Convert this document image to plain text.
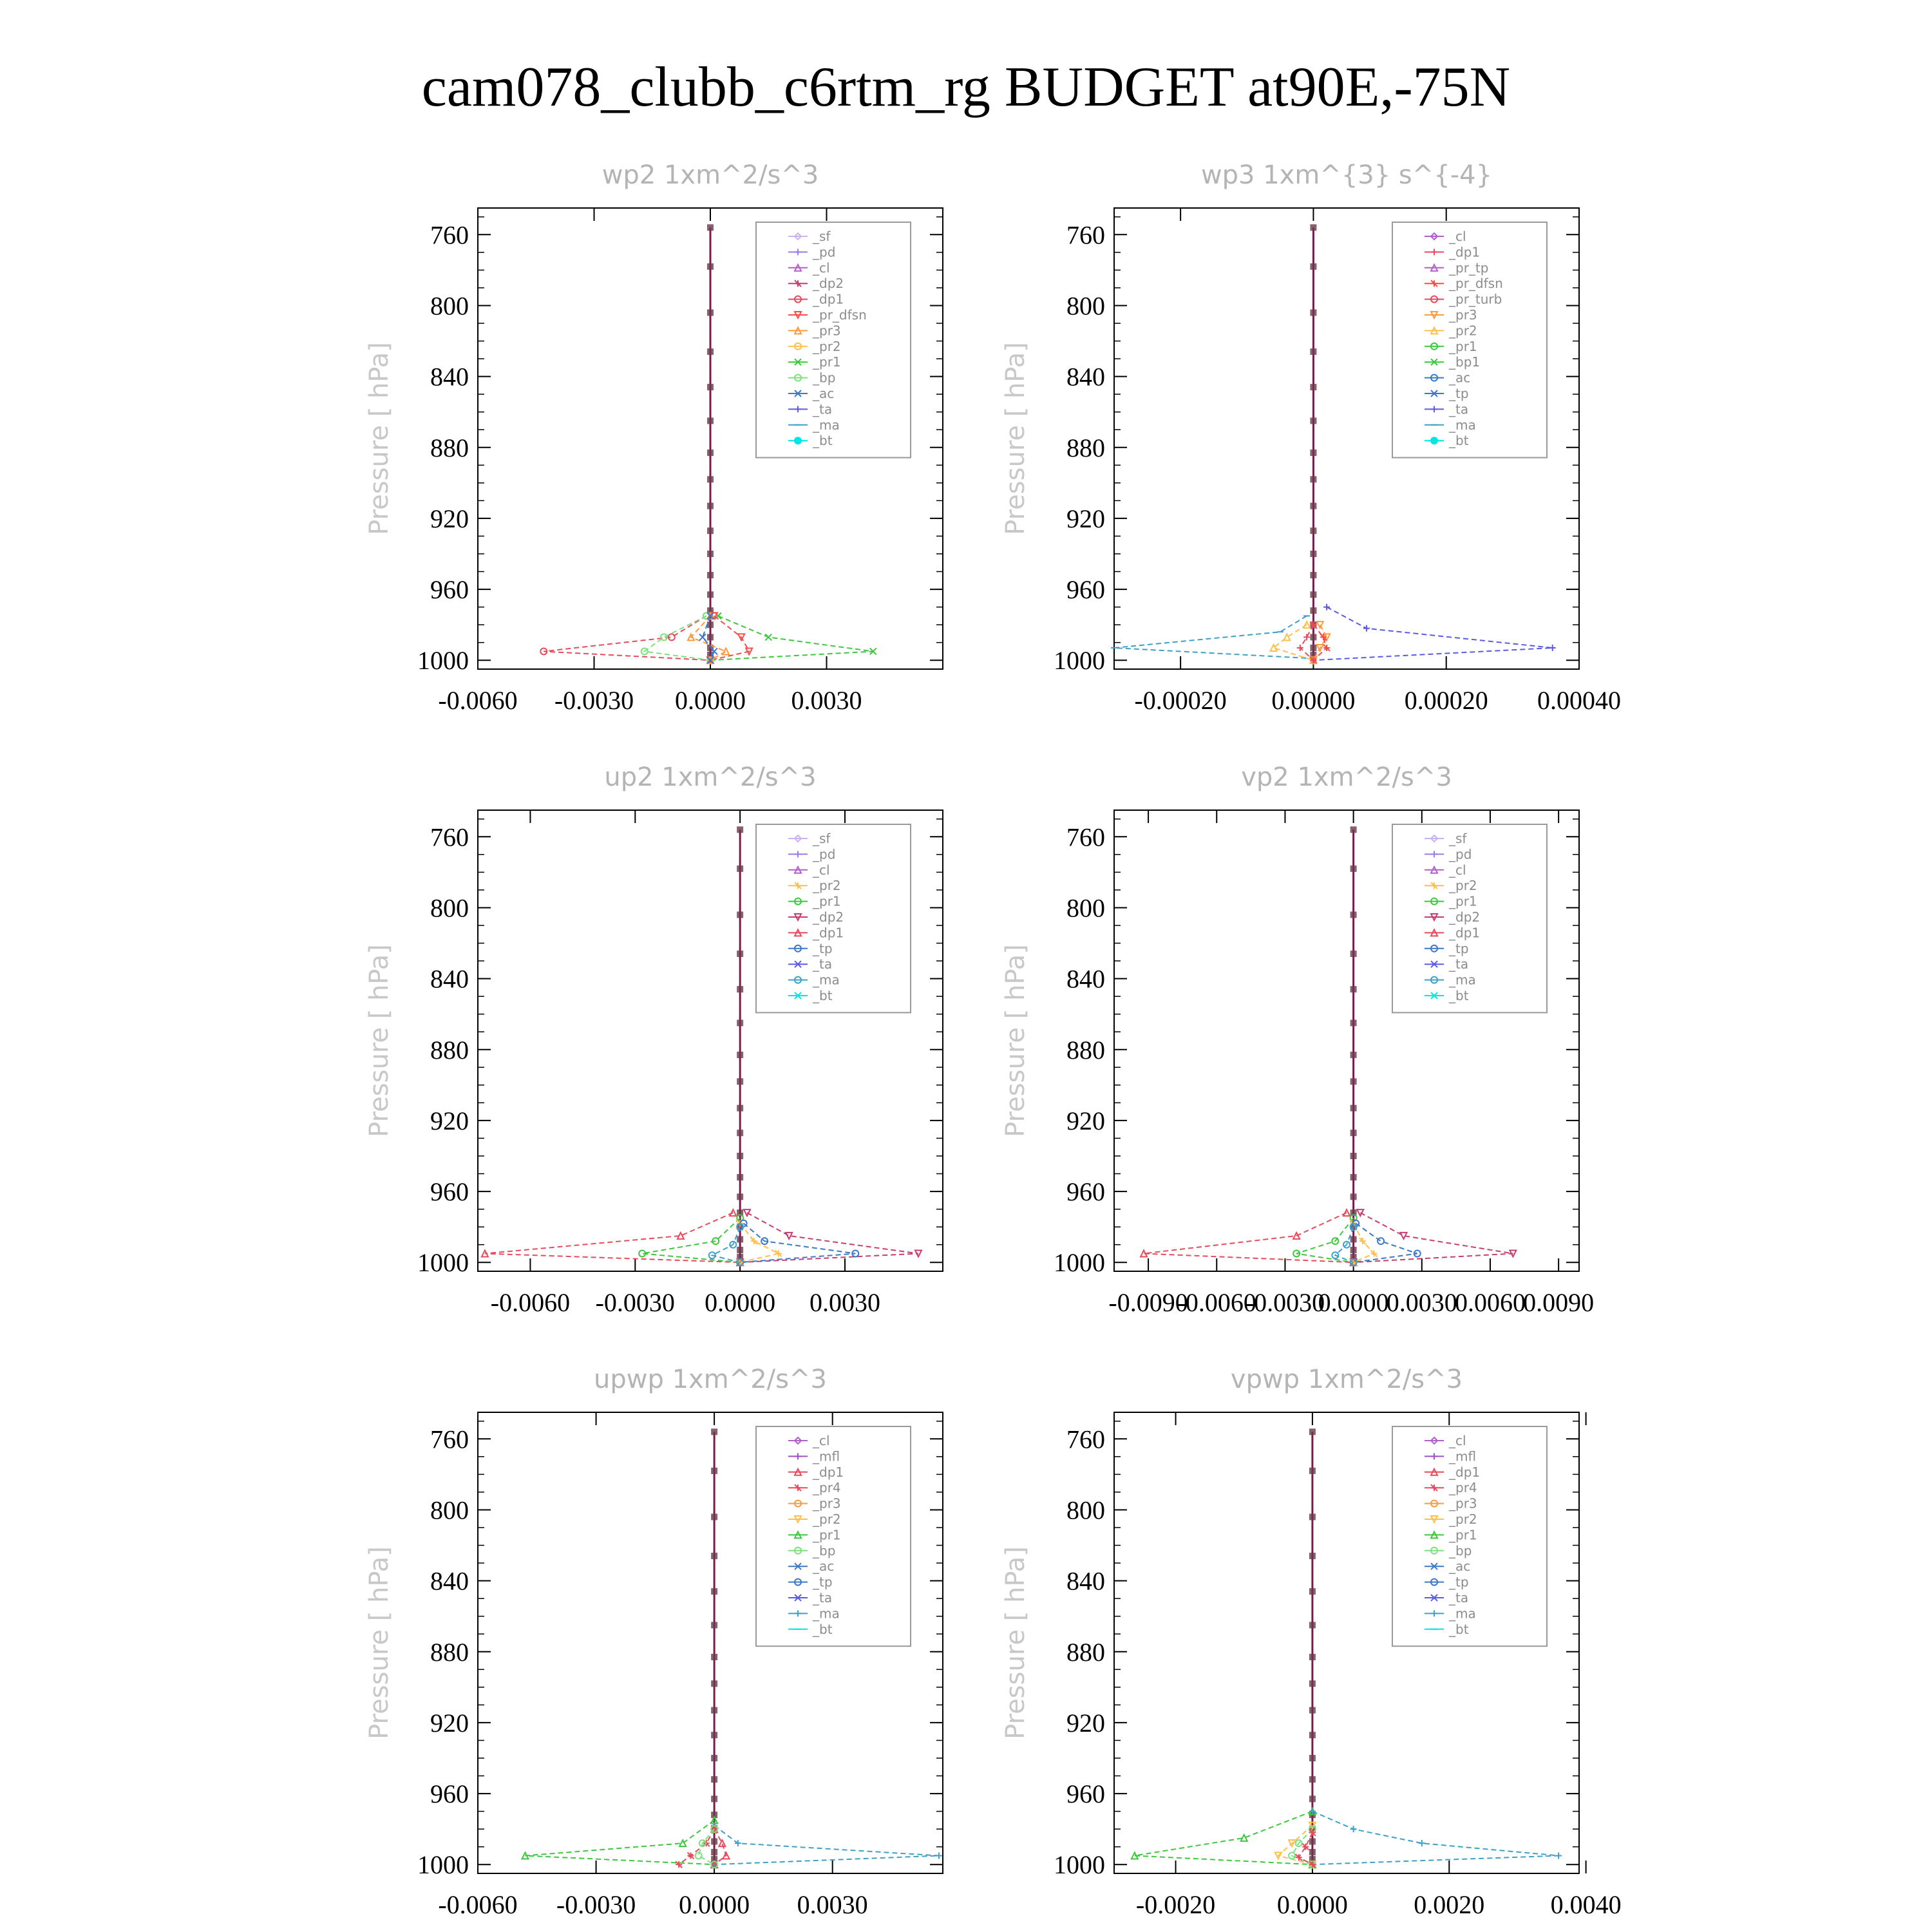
cam078_clubb_c6rtm_rg BUDGET at90E,-75N
wp2 1xm^2/s^3
Pressure [ hPa]
760
800
840
880
920
960
1000
-0.0060 -0.0030 0.0000 0.0030
_sf
_pd
_cl
_dp2
_dp1
_pr_dfsn
_pr3
_pr2
_pr1
_bp
_ac
_ta
_ma
_bt
wp3 1xm^{3} s^{-4}
Pressure [ hPa]
760
800
840
880
920
960
1000
-0.00020 0.00000 0.00020 0.00040
_cl
_dp1
_pr_tp
_pr_dfsn
_pr_turb
_pr3
_pr2
_pr1
_bp1
_ac
_tp
_ta
_ma
_bt
up2 1xm^2/s^3
Pressure [ hPa]
760
800
840
880
920
960
1000
-0.0060 -0.0030 0.0000 0.0030
_sf
_pd
_cl
_pr2
_pr1
_dp2
_dp1
_tp
_ta
_ma
_bt
vp2 1xm^2/s^3
Pressure [ hPa]
760
800
840
880
920
960
1000
-0.0090
-0.0060
-0.0030
0.0000
0.0030
0.0060
0.0090
_sf
_pd
_cl
_pr2
_pr1
_dp2
_dp1
_tp
_ta
_ma
_bt
upwp 1xm^2/s^3
Pressure [ hPa]
760
800
840
880
920
960
1000
-0.0060 -0.0030 0.0000 0.0030
_cl
_mfl
_dp1
_pr4
_pr3
_pr2
_pr1
_bp
_ac
_tp
_ta
_ma
_bt
vpwp 1xm^2/s^3
Pressure [ hPa]
760
800
840
880
920
960
1000
-0.0020 0.0000	0.0020	0.0040
_cl
_mfl
_dp1
_pr4
_pr3
_pr2
_pr1
_bp
_ac
_tp
_ta
_ma
_bt
